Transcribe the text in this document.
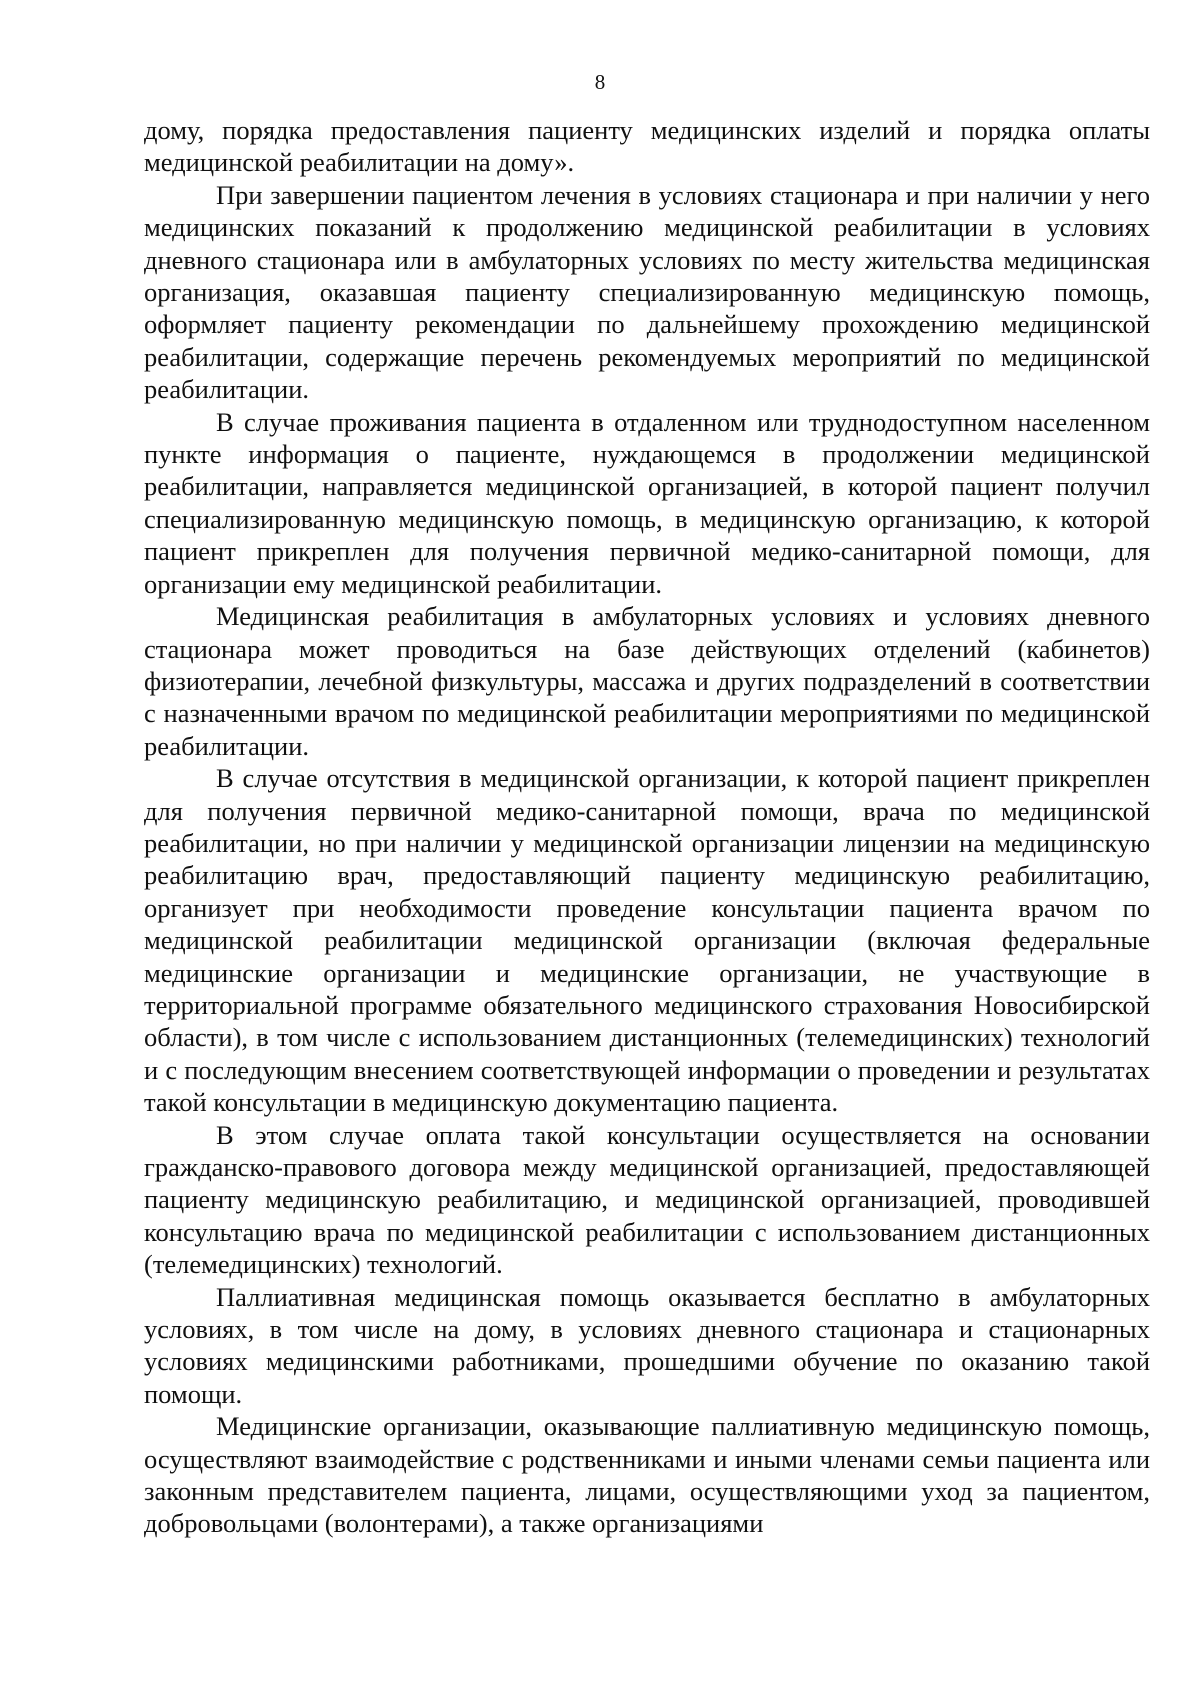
8

дому, порядка предоставления пациенту медицинских изделий и порядка оплаты медицинской реабилитации на дому».

При завершении пациентом лечения в условиях стационара и при наличии у него медицинских показаний к продолжению медицинской реабилитации в условиях дневного стационара или в амбулаторных условиях по месту жительства медицинская организация, оказавшая пациенту специализированную медицинскую помощь, оформляет пациенту рекомендации по дальнейшему прохождению медицинской реабилитации, содержащие перечень рекомендуемых мероприятий по медицинской реабилитации.

В случае проживания пациента в отдаленном или труднодоступном населенном пункте информация о пациенте, нуждающемся в продолжении медицинской реабилитации, направляется медицинской организацией, в которой пациент получил специализированную медицинскую помощь, в медицинскую организацию, к которой пациент прикреплен для получения первичной медико-санитарной помощи, для организации ему медицинской реабилитации.

Медицинская реабилитация в амбулаторных условиях и условиях дневного стационара может проводиться на базе действующих отделений (кабинетов) физиотерапии, лечебной физкультуры, массажа и других подразделений в соответствии с назначенными врачом по медицинской реабилитации мероприятиями по медицинской реабилитации.

В случае отсутствия в медицинской организации, к которой пациент прикреплен для получения первичной медико-санитарной помощи, врача по медицинской реабилитации, но при наличии у медицинской организации лицензии на медицинскую реабилитацию врач, предоставляющий пациенту медицинскую реабилитацию, организует при необходимости проведение консультации пациента врачом по медицинской реабилитации медицинской организации (включая федеральные медицинские организации и медицинские организации, не участвующие в территориальной программе обязательного медицинского страхования Новосибирской области), в том числе с использованием дистанционных (телемедицинских) технологий и с последующим внесением соответствующей информации о проведении и результатах такой консультации в медицинскую документацию пациента.

В этом случае оплата такой консультации осуществляется на основании гражданско-правового договора между медицинской организацией, предоставляющей пациенту медицинскую реабилитацию, и медицинской организацией, проводившей консультацию врача по медицинской реабилитации с использованием дистанционных (телемедицинских) технологий.

Паллиативная медицинская помощь оказывается бесплатно в амбулаторных условиях, в том числе на дому, в условиях дневного стационара и стационарных условиях медицинскими работниками, прошедшими обучение по оказанию такой помощи.

Медицинские организации, оказывающие паллиативную медицинскую помощь, осуществляют взаимодействие с родственниками и иными членами семьи пациента или законным представителем пациента, лицами, осуществляющими уход за пациентом, добровольцами (волонтерами), а также организациями
